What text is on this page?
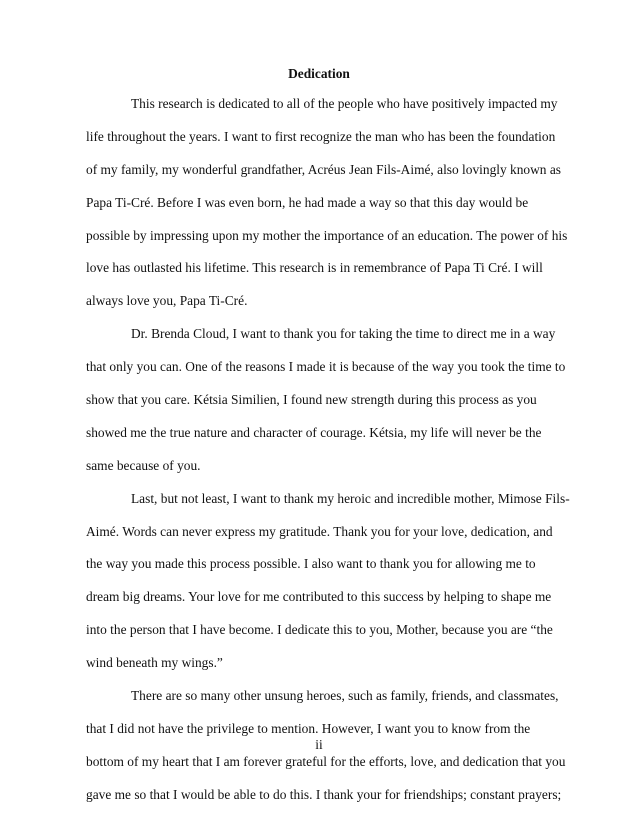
Dedication
This research is dedicated to all of the people who have positively impacted my
life throughout the years. I want to first recognize the man who has been the foundation
of my family, my wonderful grandfather, Acréus Jean Fils-Aimé, also lovingly known as
Papa Ti-Cré. Before I was even born, he had made a way so that this day would be
possible by impressing upon my mother the importance of an education. The power of his
love has outlasted his lifetime. This research is in remembrance of Papa Ti Cré. I will
always love you, Papa Ti-Cré.
Dr. Brenda Cloud, I want to thank you for taking the time to direct me in a way
that only you can. One of the reasons I made it is because of the way you took the time to
show that you care. Kétsia Similien, I found new strength during this process as you
showed me the true nature and character of courage. Kétsia, my life will never be the
same because of you.
Last, but not least, I want to thank my heroic and incredible mother, Mimose Fils-
Aimé. Words can never express my gratitude. Thank you for your love, dedication, and
the way you made this process possible. I also want to thank you for allowing me to
dream big dreams. Your love for me contributed to this success by helping to shape me
into the person that I have become. I dedicate this to you, Mother, because you are “the
wind beneath my wings.”
There are so many other unsung heroes, such as family, friends, and classmates,
that I did not have the privilege to mention. However, I want you to know from the
bottom of my heart that I am forever grateful for the efforts, love, and dedication that you
gave me so that I would be able to do this. I thank your for friendships; constant prayers;
ii
